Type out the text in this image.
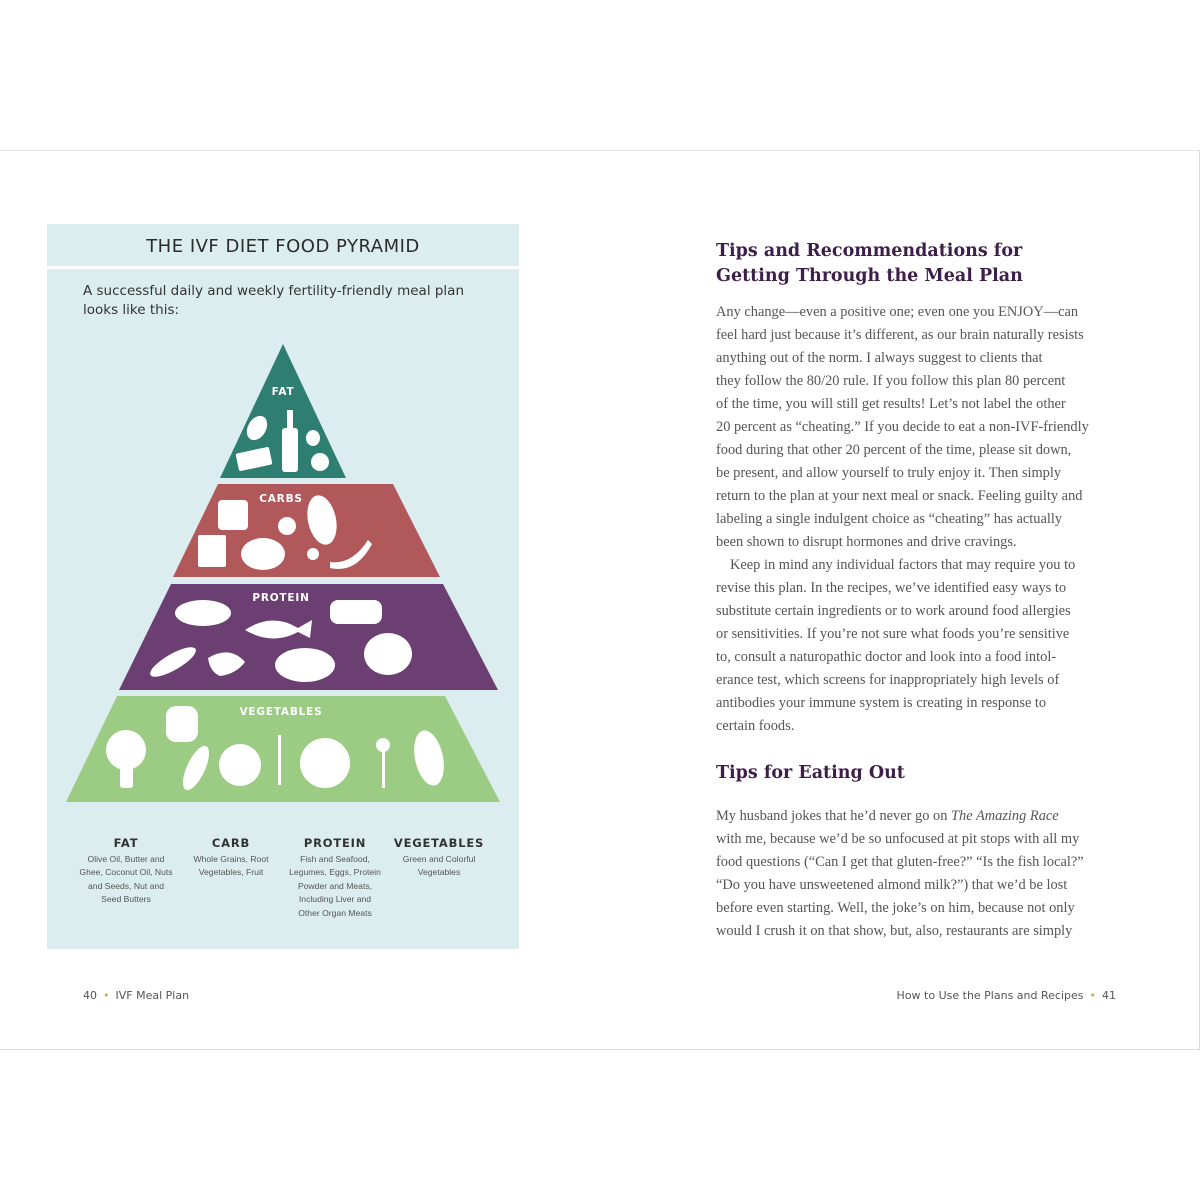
THE IVF DIET FOOD PYRAMID
A successful daily and weekly fertility-friendly meal plan
looks like this:
FAT
CARBS
PROTEIN
VEGETABLES
FAT
Olive Oil, Butter and
Ghee, Coconut Oil, Nuts
and Seeds, Nut and
Seed Butters
CARB
Whole Grains, Root
Vegetables, Fruit
PROTEIN
Fish and Seafood,
Legumes, Eggs, Protein
Powder and Meats,
Including Liver and
Other Organ Meats
VEGETABLES
Green and Colorful
Vegetables
40 • IVF Meal Plan
Tips and Recommendations for
Getting Through the Meal Plan
Any change—even a positive one; even one you ENJOY—can
feel hard just because it’s different, as our brain naturally resists
anything out of the norm. I always suggest to clients that
they follow the 80/20 rule. If you follow this plan 80 percent
of the time, you will still get results! Let’s not label the other
20 percent as “cheating.” If you decide to eat a non-IVF-friendly
food during that other 20 percent of the time, please sit down,
be present, and allow yourself to truly enjoy it. Then simply
return to the plan at your next meal or snack. Feeling guilty and
labeling a single indulgent choice as “cheating” has actually
been shown to disrupt hormones and drive cravings.
Keep in mind any individual factors that may require you to
revise this plan. In the recipes, we’ve identified easy ways to
substitute certain ingredients or to work around food allergies
or sensitivities. If you’re not sure what foods you’re sensitive
to, consult a naturopathic doctor and look into a food intol-
erance test, which screens for inappropriately high levels of
antibodies your immune system is creating in response to
certain foods.
Tips for Eating Out
My husband jokes that he’d never go on The Amazing Race
with me, because we’d be so unfocused at pit stops with all my
food questions (“Can I get that gluten-free?” “Is the fish local?”
“Do you have unsweetened almond milk?”) that we’d be lost
before even starting. Well, the joke’s on him, because not only
would I crush it on that show, but, also, restaurants are simply
How to Use the Plans and Recipes • 41
